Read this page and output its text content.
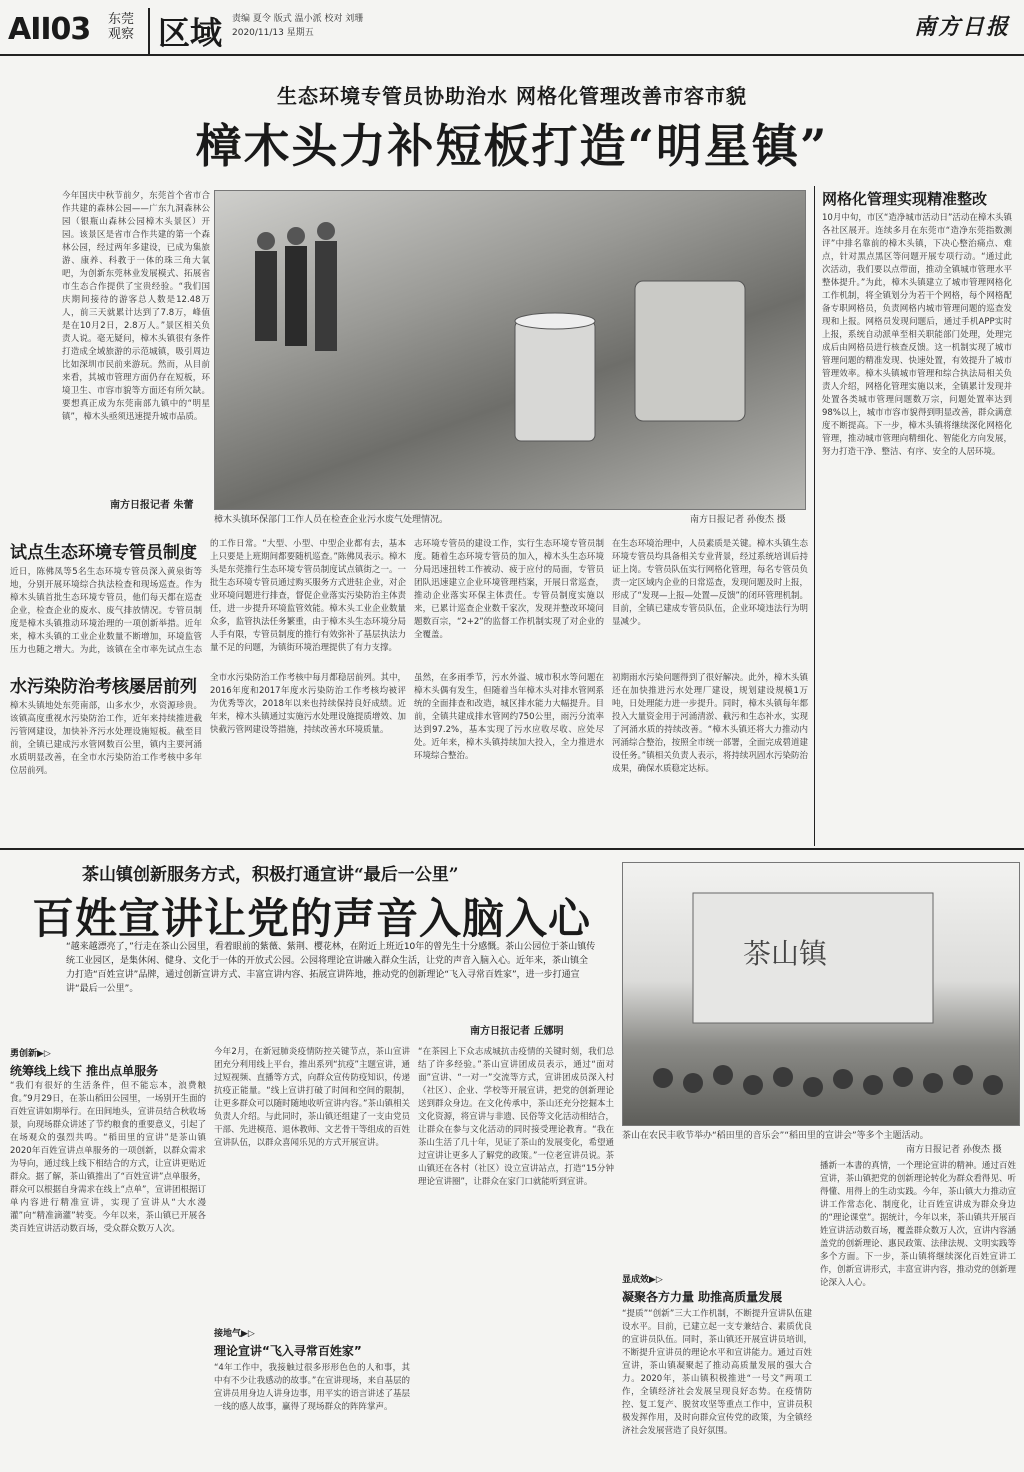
AII03 东莞观察 区域 责编 夏令 版式 温小派 校对 刘珊
2020/11/13 星期五	南方日报
生态环境专管员协助治水 网格化管理改善市容市貌
樟木头力补短板打造“明星镇”
今年国庆中秋节前夕，东莞首个省市合作共建的森林公园——广东九洞森林公园（银瓶山森林公园樟木头景区）开园。该景区是省市合作共建的第一个森林公园，经过两年多建设，已成为集旅游、康养、科教于一体的珠三角大氧吧，为创新东莞林业发展模式、拓展省市生态合作提供了宝贵经验。“我们国庆期间接待的游客总人数是12.48万人，前三天就累计达到了7.8万，峰值是在10月2日，2.8万人。”景区相关负责人说。毫无疑问，樟木头镇很有条件打造成全域旅游的示范城镇，吸引周边比如深圳市民前来游玩。然而，从目前来看，其城市管理方面仍存在短板，环境卫生、市容市貌等方面还有所欠缺。要想真正成为东莞南部九镇中的“明星镇”，樟木头亟须迅速提升城市品质。
南方日报记者 朱蕾
樟木头镇环保部门工作人员在检查企业污水废气处理情况。	南方日报记者 孙俊杰 摄
网格化管理实现精准整改
10月中旬，市区“造净城市活动日”活动在樟木头镇各社区展开。连续多月在东莞市“造净东莞指数测评”中排名靠前的樟木头镇，下决心整治痛点、难点，针对黑点黑区等问题开展专项行动。“通过此次活动，我们要以点带面，推动全镇城市管理水平整体提升。”为此，樟木头镇建立了城市管理网格化工作机制，将全镇划分为若干个网格，每个网格配备专职网格员，负责网格内城市管理问题的巡查发现和上报。网格员发现问题后，通过手机APP实时上报，系统自动派单至相关职能部门处理，处理完成后由网格员进行核查反馈。这一机制实现了城市管理问题的精准发现、快速处置，有效提升了城市管理效率。樟木头镇城市管理和综合执法局相关负责人介绍，网格化管理实施以来，全镇累计发现并处置各类城市管理问题数万宗，问题处置率达到98%以上，城市市容市貌得到明显改善，群众满意度不断提高。下一步，樟木头镇将继续深化网格化管理，推动城市管理向精细化、智能化方向发展，努力打造干净、整洁、有序、安全的人居环境。
试点生态环境专管员制度
近日，陈佛凤等5名生态环境专管员深入黄泉街等地，分别开展环境综合执法检查和现场巡查。作为樟木头镇首批生态环境专管员，他们每天都在巡查企业，检查企业的废水、废气排放情况。专管员制度是樟木头镇推动环境治理的一项创新举措。近年来，樟木头镇的工业企业数量不断增加，环境监管压力也随之增大。为此，该镇在全市率先试点生态
水污染防治考核屡居前列
樟木头镇地处东莞南部，山多水少，水资源珍贵。该镇高度重视水污染防治工作，近年来持续推进截污管网建设，加快补齐污水处理设施短板。截至目前，全镇已建成污水管网数百公里，镇内主要河涌水质明显改善，在全市水污染防治工作考核中多年位居前列。
的工作日常。“大型、小型、中型企业都有去，基本上只要是上班期间都要随机巡查。”陈佛凤表示。樟木头是东莞推行生态环境专管员制度试点镇街之一。一批生态环境专管员通过购买服务方式进驻企业，对企业环境问题进行排查，督促企业落实污染防治主体责任，进一步提升环境监管效能。樟木头工业企业数量众多，监管执法任务繁重，由于樟木头生态环境分局人手有限，专管员制度的推行有效弥补了基层执法力量不足的问题，为镇街环境治理提供了有力支撑。
志环境专管员的建设工作，实行生态环境专管员制度。随着生态环境专管员的加入，樟木头生态环境分局迅速扭转工作被动、疲于应付的局面，专管员团队迅速建立企业环境管理档案，开展日常巡查，推动企业落实环保主体责任。专管员制度实施以来，已累计巡查企业数千家次，发现并整改环境问题数百宗，“2+2”的监督工作机制实现了对企业的全覆盖。
在生态环境治理中，人员素质是关键。樟木头镇生态环境专管员均具备相关专业背景，经过系统培训后持证上岗。专管员队伍实行网格化管理，每名专管员负责一定区域内企业的日常巡查，发现问题及时上报，形成了“发现—上报—处置—反馈”的闭环管理机制。目前，全镇已建成专管员队伍，企业环境违法行为明显减少。
全市水污染防治工作考核中每月都稳居前列。其中，2016年度和2017年度水污染防治工作考核均被评为优秀等次，2018年以来也持续保持良好成绩。近年来，樟木头镇通过实施污水处理设施提质增效、加快截污管网建设等措施，持续改善水环境质量。
虽然，在多雨季节，污水外溢、城市积水等问题在樟木头偶有发生，但随着当年樟木头对排水管网系统的全面排查和改造，城区排水能力大幅提升。目前，全镇共建成排水管网约750公里，雨污分流率达到97.2%，基本实现了污水应收尽收、应处尽处。近年来，樟木头镇持续加大投入，全力推进水环境综合整治。
初期雨水污染问题得到了很好解决。此外，樟木头镇还在加快推进污水处理厂建设，规划建设规模1万吨，日处理能力进一步提升。同时，樟木头镇每年都投入大量资金用于河涌清淤、截污和生态补水，实现了河涌水质的持续改善。“樟木头镇还将大力推动内河涌综合整治，按照全市统一部署，全面完成碧道建设任务。”镇相关负责人表示，将持续巩固水污染防治成果，确保水质稳定达标。
茶山镇创新服务方式，积极打通宣讲“最后一公里”
百姓宣讲让党的声音入脑入心
“越来越漂亮了，”行走在茶山公园里，看着眼前的紫薇、紫荆、樱花林，在附近上班近10年的曾先生十分感慨。茶山公园位于茶山镇传统工业园区，是集休闲、健身、文化于一体的开放式公园。公园将理论宣讲融入群众生活，让党的声音入脑入心。近年来，茶山镇全力打造“百姓宣讲”品牌，通过创新宣讲方式、丰富宣讲内容、拓展宣讲阵地，推动党的创新理论“飞入寻常百姓家”，进一步打通宣讲“最后一公里”。
南方日报记者 丘娜明
茶山镇
茶山在农民丰收节举办“稻田里的音乐会”“稻田里的宣讲会”等多个主题活动。
南方日报记者 孙俊杰 摄
勇创新▶▷
统筹线上线下 推出点单服务
“我们有很好的生活条件，但不能忘本，浪费粮食。”9月29日，在茶山稻田公园里，一场别开生面的百姓宣讲如期举行。在田间地头，宣讲员结合秋收场景，向现场群众讲述了节约粮食的重要意义，引起了在场观众的强烈共鸣。“稻田里的宣讲”是茶山镇2020年百姓宣讲点单服务的一项创新，以群众需求为导向，通过线上线下相结合的方式，让宣讲更贴近群众。据了解，茶山镇推出了“百姓宣讲”点单服务，群众可以根据自身需求在线上“点单”，宣讲团根据订单内容进行精准宣讲，实现了宣讲从“大水漫灌”向“精准滴灌”转变。今年以来，茶山镇已开展各类百姓宣讲活动数百场，受众群众数万人次。
今年2月，在新冠肺炎疫情防控关键节点，茶山宣讲团充分利用线上平台，推出系列“抗疫”主题宣讲，通过短视频、直播等方式，向群众宣传防疫知识，传递抗疫正能量。“线上宣讲打破了时间和空间的限制，让更多群众可以随时随地收听宣讲内容。”茶山镇相关负责人介绍。与此同时，茶山镇还组建了一支由党员干部、先进模范、退休教师、文艺骨干等组成的百姓宣讲队伍，以群众喜闻乐见的方式开展宣讲。
接地气▶▷
理论宣讲“飞入寻常百姓家”
“4年工作中，我接触过很多形形色色的人和事，其中有不少让我感动的故事。”在宣讲现场，来自基层的宣讲员用身边人讲身边事，用平实的语言讲述了基层一线的感人故事，赢得了现场群众的阵阵掌声。
“在茶园上下众志成城抗击疫情的关键时刻，我们总结了许多经验。”茶山宣讲团成员表示，通过“面对面”宣讲、“一对一”交流等方式，宣讲团成员深入村（社区）、企业、学校等开展宣讲，把党的创新理论送到群众身边。在文化传承中，茶山还充分挖掘本土文化资源，将宣讲与非遗、民俗等文化活动相结合，让群众在参与文化活动的同时接受理论教育。“我在茶山生活了几十年，见证了茶山的发展变化，希望通过宣讲让更多人了解党的政策。”一位老宣讲员说。茶山镇还在各村（社区）设立宣讲站点，打造“15分钟理论宣讲圈”，让群众在家门口就能听到宣讲。
显成效▶▷
凝聚各方力量 助推高质量发展
“提质”“创新”三大工作机制，不断提升宣讲队伍建设水平。目前，已建立起一支专兼结合、素质优良的宣讲员队伍。同时，茶山镇还开展宣讲员培训，不断提升宣讲员的理论水平和宣讲能力。通过百姓宣讲，茶山镇凝聚起了推动高质量发展的强大合力。2020年，茶山镇积极推进“一号文”两项工作，全镇经济社会发展呈现良好态势。在疫情防控、复工复产、脱贫攻坚等重点工作中，宣讲员积极发挥作用，及时向群众宣传党的政策，为全镇经济社会发展营造了良好氛围。
播新一本書的真情，一个理论宣讲的精神。通过百姓宣讲，茶山镇把党的创新理论转化为群众看得见、听得懂、用得上的生动实践。今年，茶山镇大力推动宣讲工作常态化、制度化，让百姓宣讲成为群众身边的“理论课堂”。据统计，今年以来，茶山镇共开展百姓宣讲活动数百场，覆盖群众数万人次，宣讲内容涵盖党的创新理论、惠民政策、法律法规、文明实践等多个方面。下一步，茶山镇将继续深化百姓宣讲工作，创新宣讲形式，丰富宣讲内容，推动党的创新理论深入人心。
